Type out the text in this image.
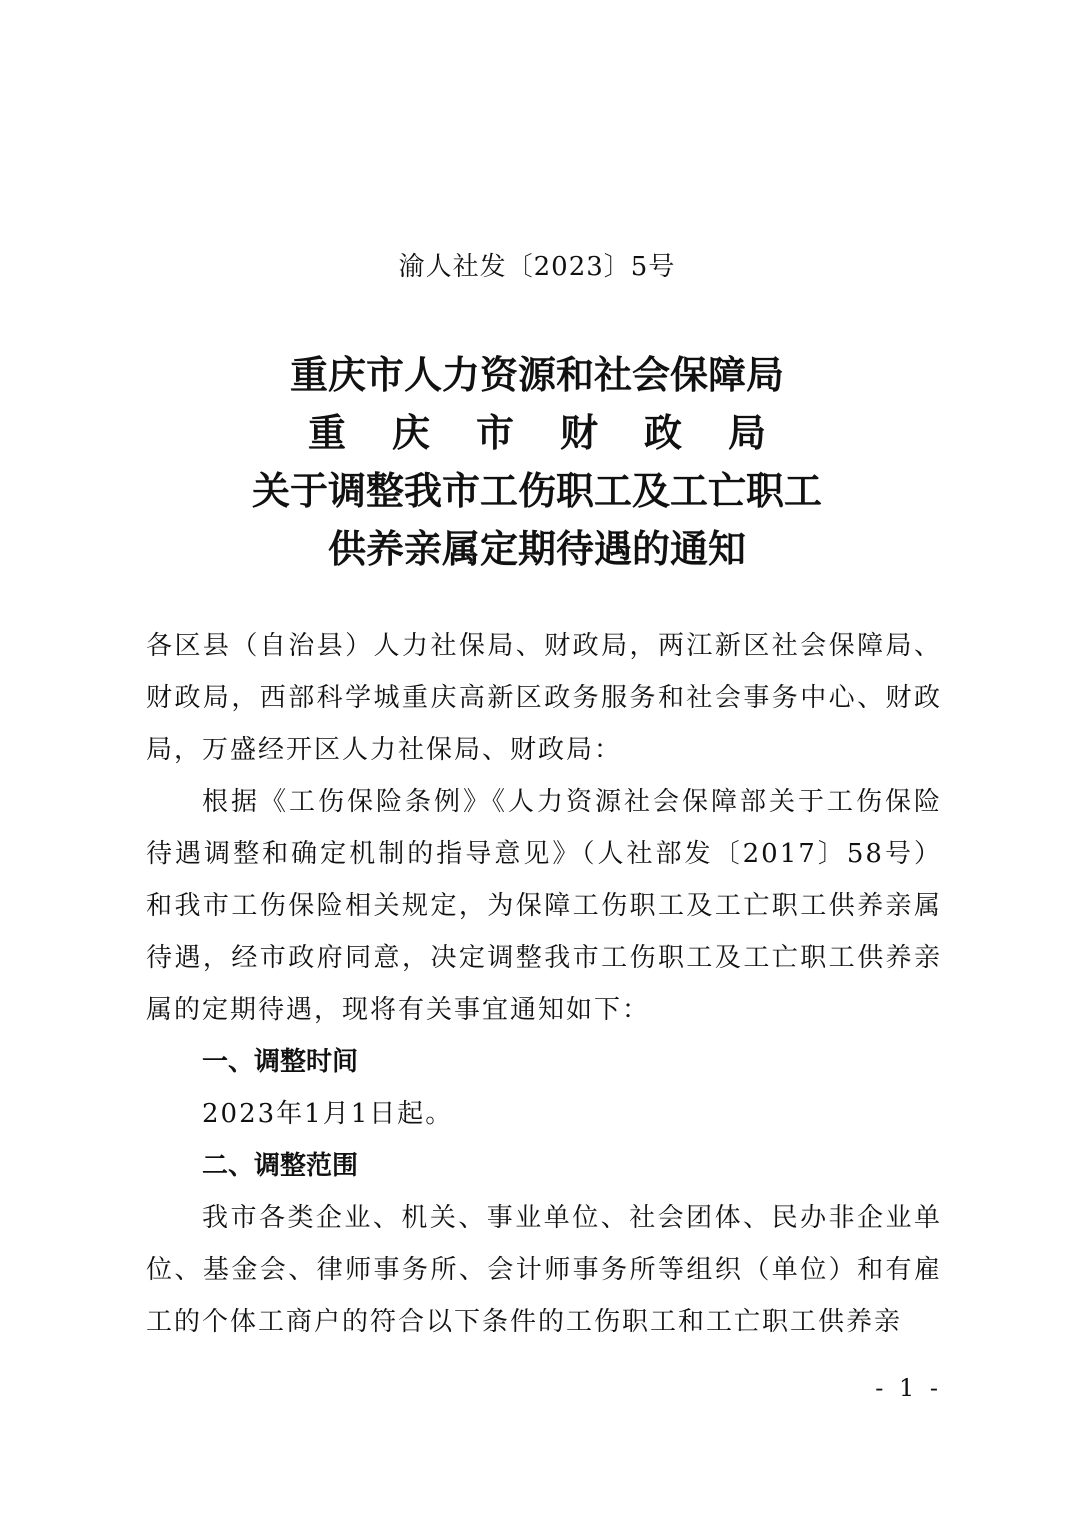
渝人社发〔2023〕5号
重庆市人力资源和社会保障局
重庆市财政局
关于调整我市工伤职工及工亡职工
供养亲属定期待遇的通知

各区县（自治县）人力社保局、财政局，两江新区社会保障局、财政局，西部科学城重庆高新区政务服务和社会事务中心、财政局，万盛经开区人力社保局、财政局：

根据《工伤保险条例》《人力资源社会保障部关于工伤保险待遇调整和确定机制的指导意见》（人社部发〔2017〕58号）和我市工伤保险相关规定，为保障工伤职工及工亡职工供养亲属待遇，经市政府同意，决定调整我市工伤职工及工亡职工供养亲属的定期待遇，现将有关事宜通知如下：

一、调整时间

2023年1月1日起。

二、调整范围

我市各类企业、机关、事业单位、社会团体、民办非企业单位、基金会、律师事务所、会计师事务所等组织（单位）和有雇工的个体工商户的符合以下条件的工伤职工和工亡职工供养亲

- 1 -
